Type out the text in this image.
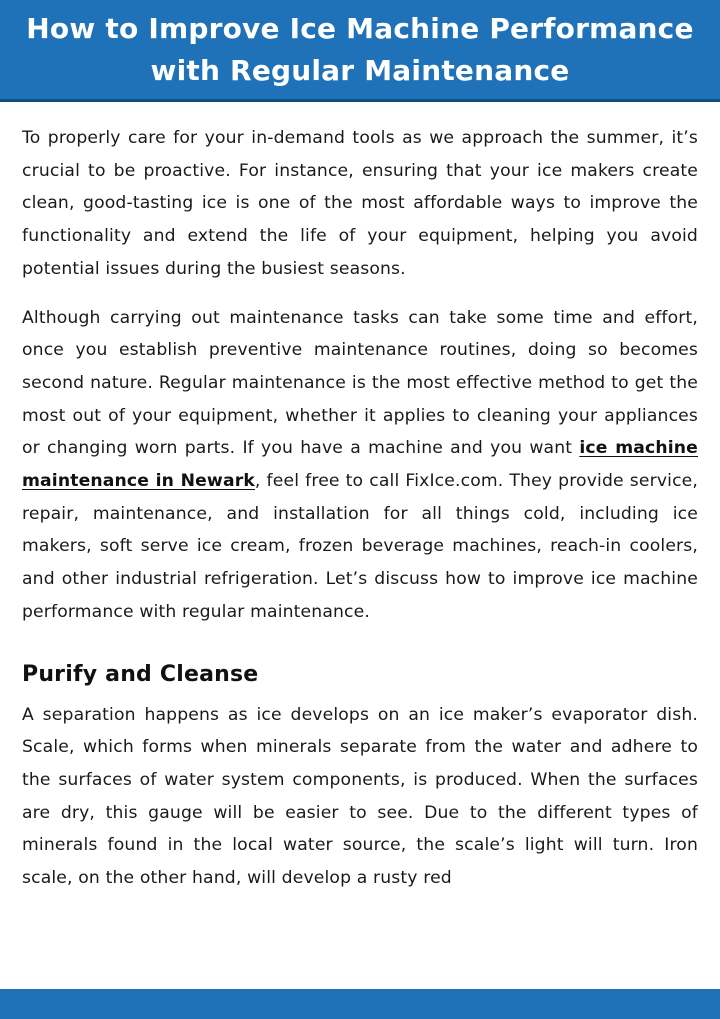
How to Improve Ice Machine Performance with Regular Maintenance

To properly care for your in-demand tools as we approach the summer, it’s crucial to be proactive. For instance, ensuring that your ice makers create clean, good-tasting ice is one of the most affordable ways to improve the functionality and extend the life of your equipment, helping you avoid potential issues during the busiest seasons.

Although carrying out maintenance tasks can take some time and effort, once you establish preventive maintenance routines, doing so becomes second nature. Regular maintenance is the most effective method to get the most out of your equipment, whether it applies to cleaning your appliances or changing worn parts. If you have a machine and you want ice machine maintenance in Newark, feel free to call FixIce.com. They provide service, repair, maintenance, and installation for all things cold, including ice makers, soft serve ice cream, frozen beverage machines, reach-in coolers, and other industrial refrigeration. Let’s discuss how to improve ice machine performance with regular maintenance.

Purify and Cleanse

A separation happens as ice develops on an ice maker’s evaporator dish. Scale, which forms when minerals separate from the water and adhere to the surfaces of water system components, is produced. When the surfaces are dry, this gauge will be easier to see. Due to the different types of minerals found in the local water source, the scale’s light will turn. Iron scale, on the other hand, will develop a rusty red
